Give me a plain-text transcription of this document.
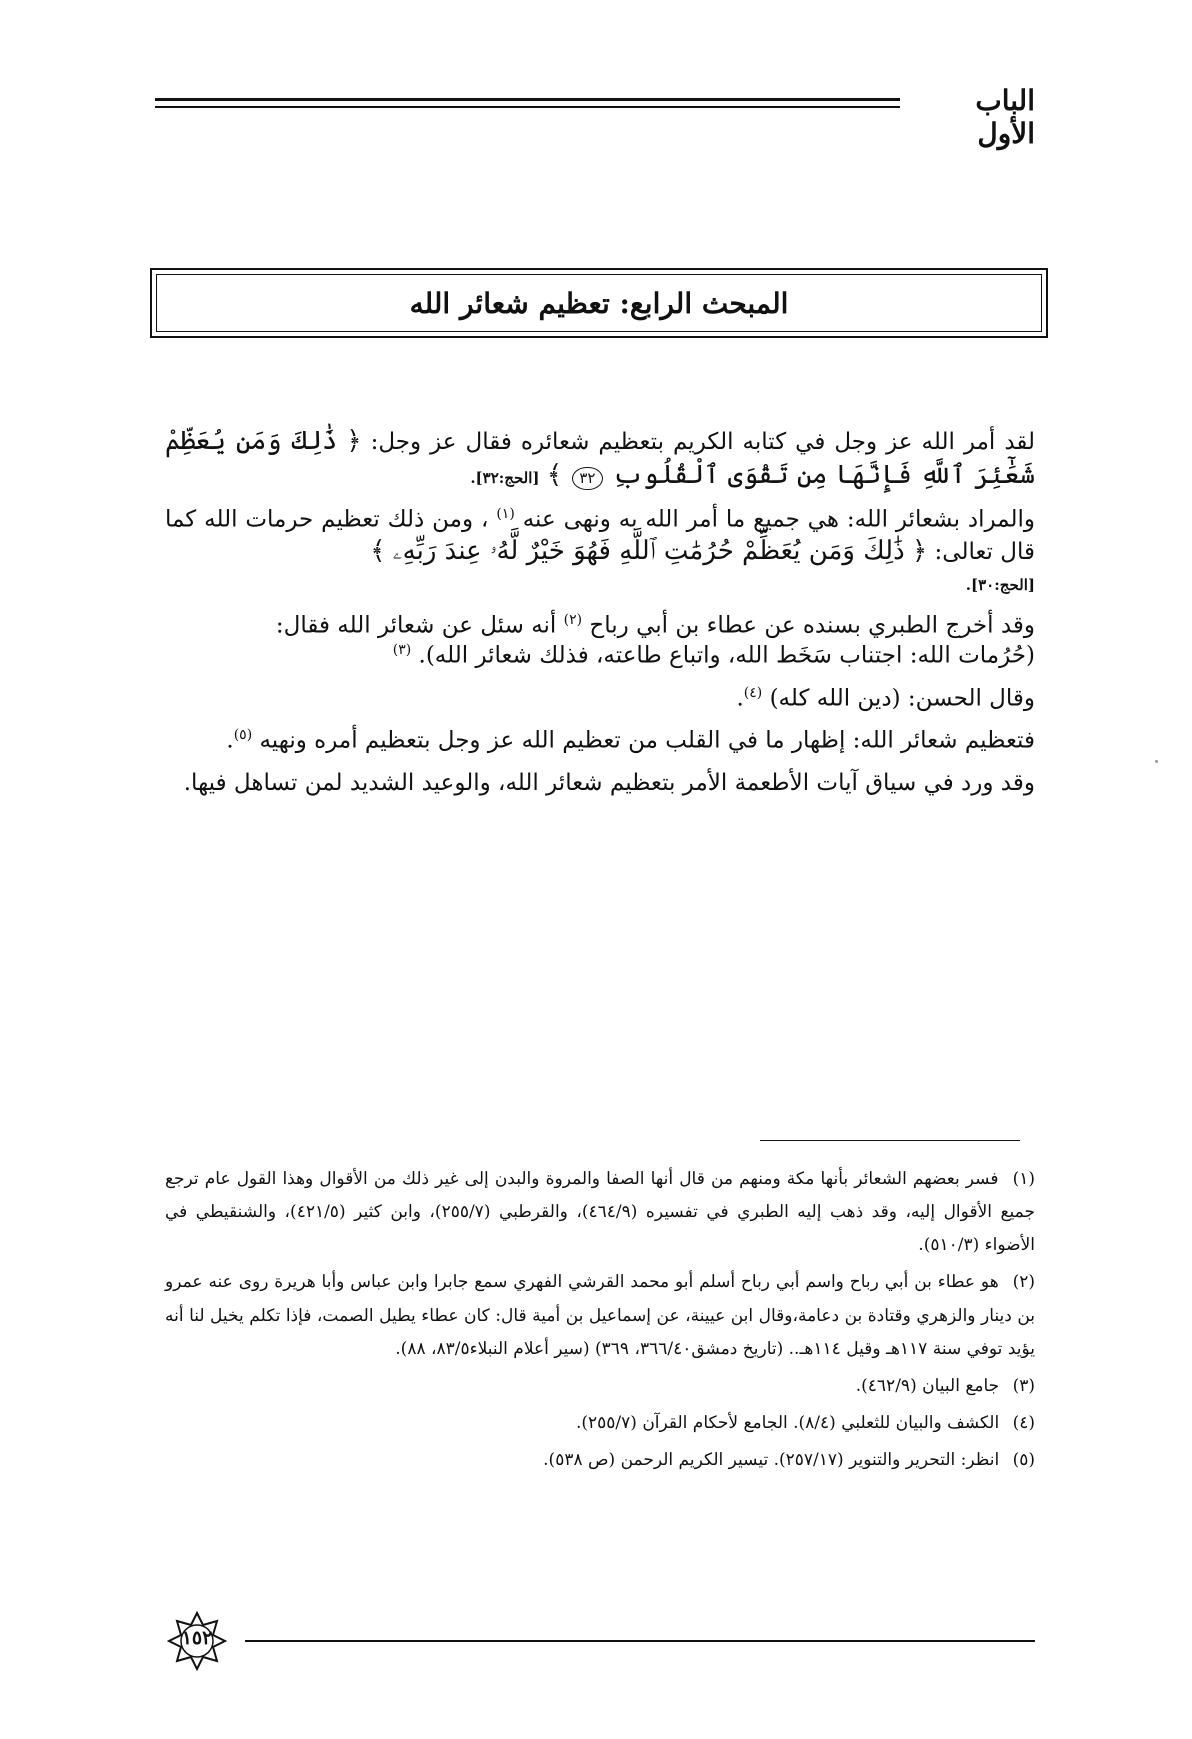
الباب الأول
المبحث الرابع: تعظيم شعائر الله

لقد أمر الله عز وجل في كتابه الكريم بتعظيم شعائره فقال عز وجل: ﴿ ذَٰلِكَ وَمَن يُعَظِّمْ شَعَٰٓئِرَ ٱللَّهِ فَإِنَّهَا مِن تَقْوَى ٱلْقُلُوبِ ٣٢ ﴾ [الحج:٣٢].

والمراد بشعائر الله: هي جميع ما أمر الله به ونهى عنه $^{(١)}$ ، ومن ذلك تعظيم حرمات الله كما قال تعالى: ﴿ ذَٰلِكَ وَمَن يُعَظِّمْ حُرُمَٰتِ ٱللَّهِ فَهُوَ خَيْرٌ لَّهُۥ عِندَ رَبِّهِۦ ﴾
[الحج:٣٠].

وقد أخرج الطبري بسنده عن عطاء بن أبي رباح $^{(٢)}$ أنه سئل عن شعائر الله فقال:
(حُرُمات الله: اجتناب سَخَط الله، واتباع طاعته، فذلك شعائر الله). $^{(٣)}$

وقال الحسن: (دين الله كله) $^{(٤)}$.

فتعظيم شعائر الله: إظهار ما في القلب من تعظيم الله عز وجل بتعظيم أمره ونهيه $^{(٥)}$.

وقد ورد في سياق آيات الأطعمة الأمر بتعظيم شعائر الله، والوعيد الشديد لمن تساهل فيها.

(١) فسر بعضهم الشعائر بأنها مكة ومنهم من قال أنها الصفا والمروة والبدن إلى غير ذلك من الأقوال وهذا القول عام ترجع جميع الأقوال إليه، وقد ذهب إليه الطبري في تفسيره (٤٦٤/٩)، والقرطبي (٢٥٥/٧)، وابن كثير (٤٢١/٥)، والشنقيطي في الأضواء (٥١٠/٣).

(٢) هو عطاء بن أبي رباح واسم أبي رباح أسلم أبو محمد القرشي الفهري سمع جابرا وابن عباس وأبا هريرة روى عنه عمرو بن دينار والزهري وقتادة بن دعامة،وقال ابن عيينة، عن إسماعيل بن أمية قال: كان عطاء يطيل الصمت، فإذا تكلم يخيل لنا أنه يؤيد توفي سنة ١١٧هـ وقيل ١١٤هـ.. (تاريخ دمشق٣٦٦/٤٠، ٣٦٩) (سير أعلام النبلاء٨٣/٥، ٨٨).

(٣) جامع البيان (٤٦٢/٩).

(٤) الكشف والبيان للثعلبي (٨/٤). الجامع لأحكام القرآن (٢٥٥/٧).

(٥) انظر: التحرير والتنوير (٢٥٧/١٧). تيسير الكريم الرحمن (ص ٥٣٨).

١٥٢
